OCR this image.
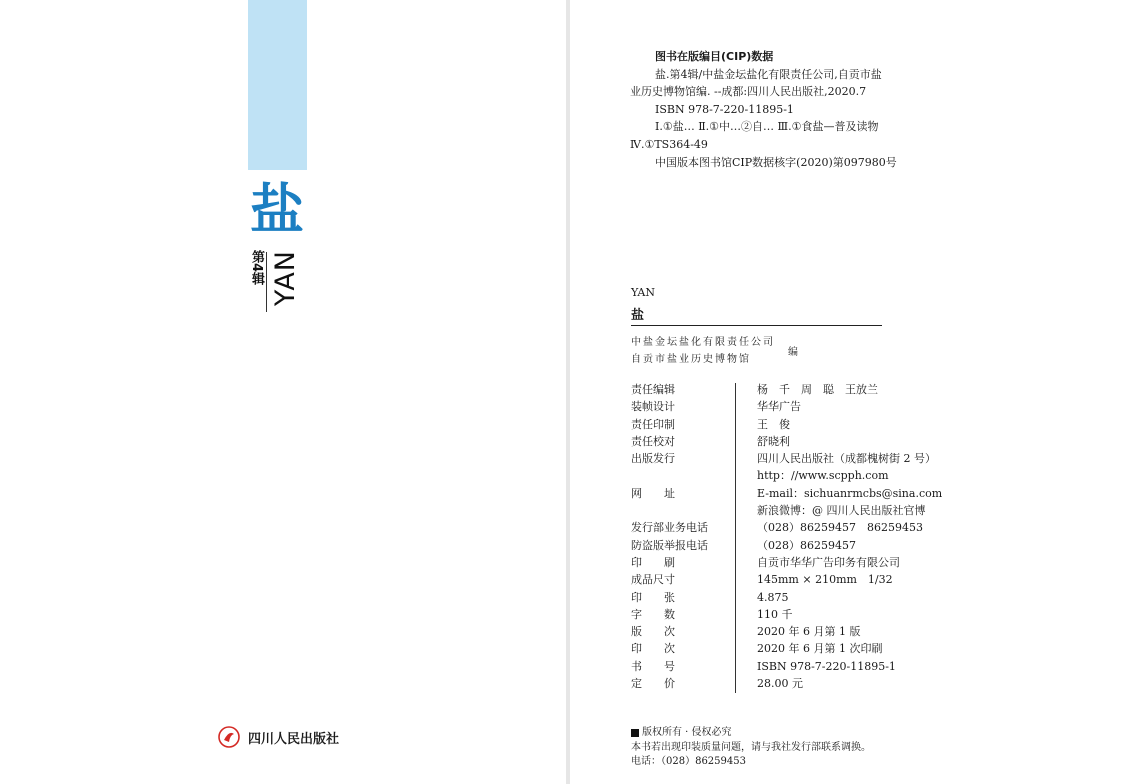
盐
第4辑 YAN
四川人民出版社

图书在版编目(CIP)数据

盐.第4辑/中盐金坛盐化有限责任公司,自贡市盐

业历史博物馆编. --成都:四川人民出版社,2020.7

ISBN 978-7-220-11895-1

Ⅰ.①盐… Ⅱ.①中…②自… Ⅲ.①食盐—普及读物

Ⅳ.①TS364-49

中国版本图书馆CIP数据核字(2020)第097980号

YAN
盐
中盐金坛盐化有限责任公司
自贡市盐业历史博物馆
编
责任编辑	杨　千　周　聪　王放兰
装帧设计	华华广告
责任印制	王　俊
责任校对	舒晓利
出版发行	四川人民出版社（成都槐树街 2 号）
http：//www.scpph.com
网　　址	E-mail：sichuanrmcbs@sina.com
新浪微博：@ 四川人民出版社官博
发行部业务电话	（028）86259457　86259453
防盗版举报电话	（028）86259457
印　　刷	自贡市华华广告印务有限公司
成品尺寸	145mm × 210mm　1/32
印　　张	4.875
字　　数	110 千
版　　次	2020 年 6 月第 1 版
印　　次	2020 年 6 月第 1 次印刷
书　　号	ISBN 978-7-220-11895-1
定　　价	28.00 元

版权所有 · 侵权必究

本书若出现印装质量问题，请与我社发行部联系调换。

电话：（028）86259453
